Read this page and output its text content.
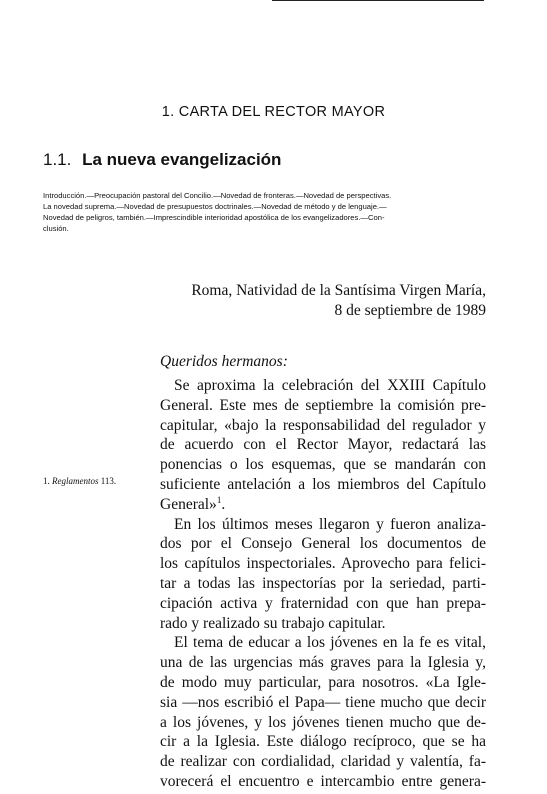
1. CARTA DEL RECTOR MAYOR
1.1. La nueva evangelización
Introducción.—Preocupación pastoral del Concilio.—Novedad de fronteras.—Novedad de perspectivas.
La novedad suprema.—Novedad de presupuestos doctrinales.—Novedad de método y de lenguaje.—
Novedad de peligros, también.—Imprescindible interioridad apostólica de los evangelizadores.—Con-
clusión.
Roma, Natividad de la Santísima Virgen María,
8 de septiembre de 1989
Queridos hermanos:
Se aproxima la celebración del XXIII Capítulo
General. Este mes de septiembre la comisión pre-
capitular, «bajo la responsabilidad del regulador y
de acuerdo con el Rector Mayor, redactará las
ponencias o los esquemas, que se mandarán con
suficiente antelación a los miembros del Capítulo
General»$^1$.
En los últimos meses llegaron y fueron analiza-
dos por el Consejo General los documentos de
los capítulos inspectoriales. Aprovecho para felici-
tar a todas las inspectorías por la seriedad, parti-
cipación activa y fraternidad con que han prepa-
rado y realizado su trabajo capitular.
El tema de educar a los jóvenes en la fe es vital,
una de las urgencias más graves para la Iglesia y,
de modo muy particular, para nosotros. «La Igle-
sia —nos escribió el Papa— tiene mucho que decir
a los jóvenes, y los jóvenes tienen mucho que de-
cir a la Iglesia. Este diálogo recíproco, que se ha
de realizar con cordialidad, claridad y valentía, fa-
vorecerá el encuentro e intercambio entre genera-
1. Reglamentos 113.
